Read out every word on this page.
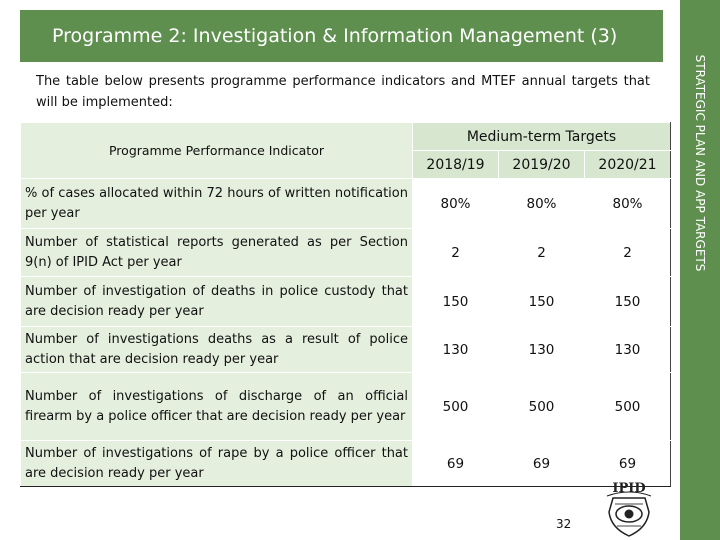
Programme 2: Investigation & Information Management (3)
STRATEGIC PLAN AND APP TARGETS

The table below presents programme performance indicators and MTEF annual targets that will be implemented:

Programme Performance Indicator	Medium-term Targets		
	2018/19	2019/20	2020/21
% of cases allocated within 72 hours of written notification per year	80%	80%	80%
Number of statistical reports generated as per Section 9(n) of IPID Act per year	2	2	2
Number of investigation of deaths in police custody that are decision ready per year	150	150	150
Number of investigations deaths as a result of police action that are decision ready per year	130	130	130
Number of investigations of discharge of an official firearm by a police officer that are decision ready per year	500	500	500
Number of investigations of rape by a police officer that are decision ready per year	69	69	69
32
IPID
